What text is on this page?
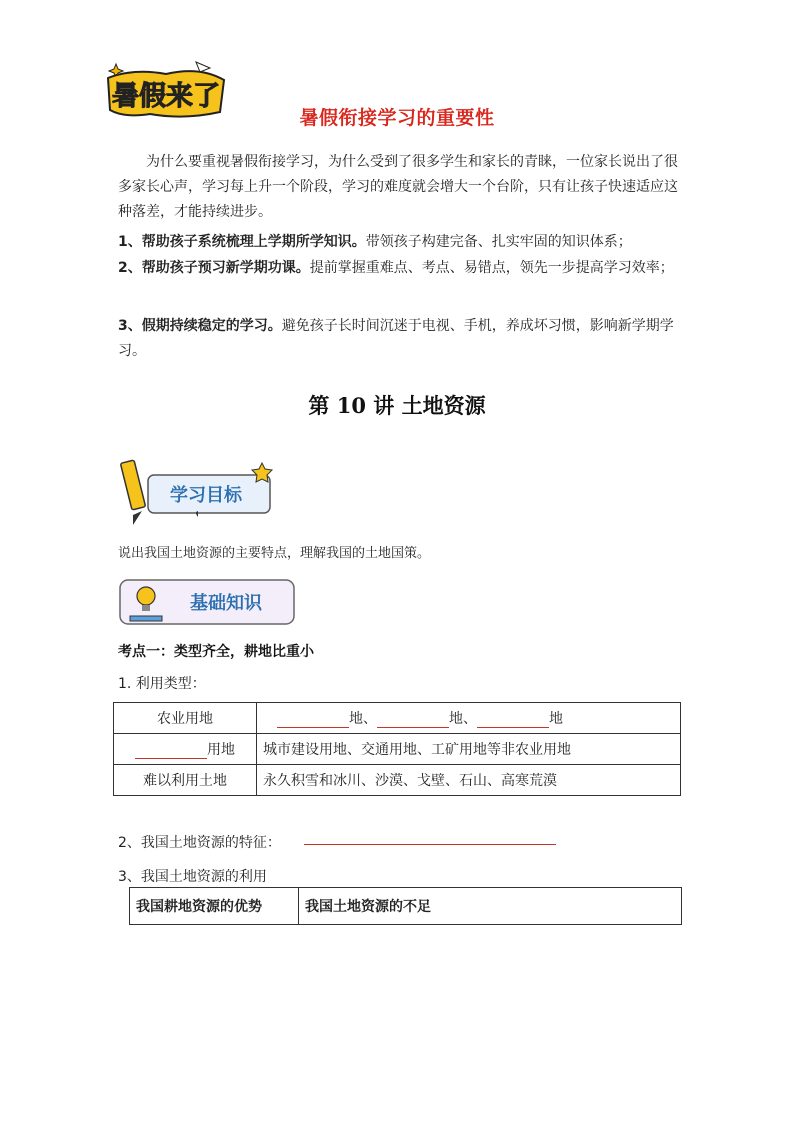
暑假来了
暑假衔接学习的重要性
为什么要重视暑假衔接学习，为什么受到了很多学生和家长的青睐，一位家长说出了很多家长心声，学习每上升一个阶段，学习的难度就会增大一个台阶，只有让孩子快速适应这种落差，才能持续进步。
1、帮助孩子系统梳理上学期所学知识。带领孩子构建完备、扎实牢固的知识体系；
2、帮助孩子预习新学期功课。提前掌握重难点、考点、易错点，领先一步提高学习效率；
3、假期持续稳定的学习。避免孩子长时间沉迷于电视、手机，养成坏习惯，影响新学期学习。
第 10 讲 土地资源
学习目标
说出我国土地资源的主要特点，理解我国的土地国策。
基础知识
考点一：类型齐全，耕地比重小
1. 利用类型：
农业用地	地、 地、 地
用地	城市建设用地、交通用地、工矿用地等非农业用地
难以利用土地	永久积雪和冰川、沙漠、戈壁、石山、高寒荒漠
2、我国土地资源的特征：
3、我国土地资源的利用
我国耕地资源的优势	我国土地资源的不足
